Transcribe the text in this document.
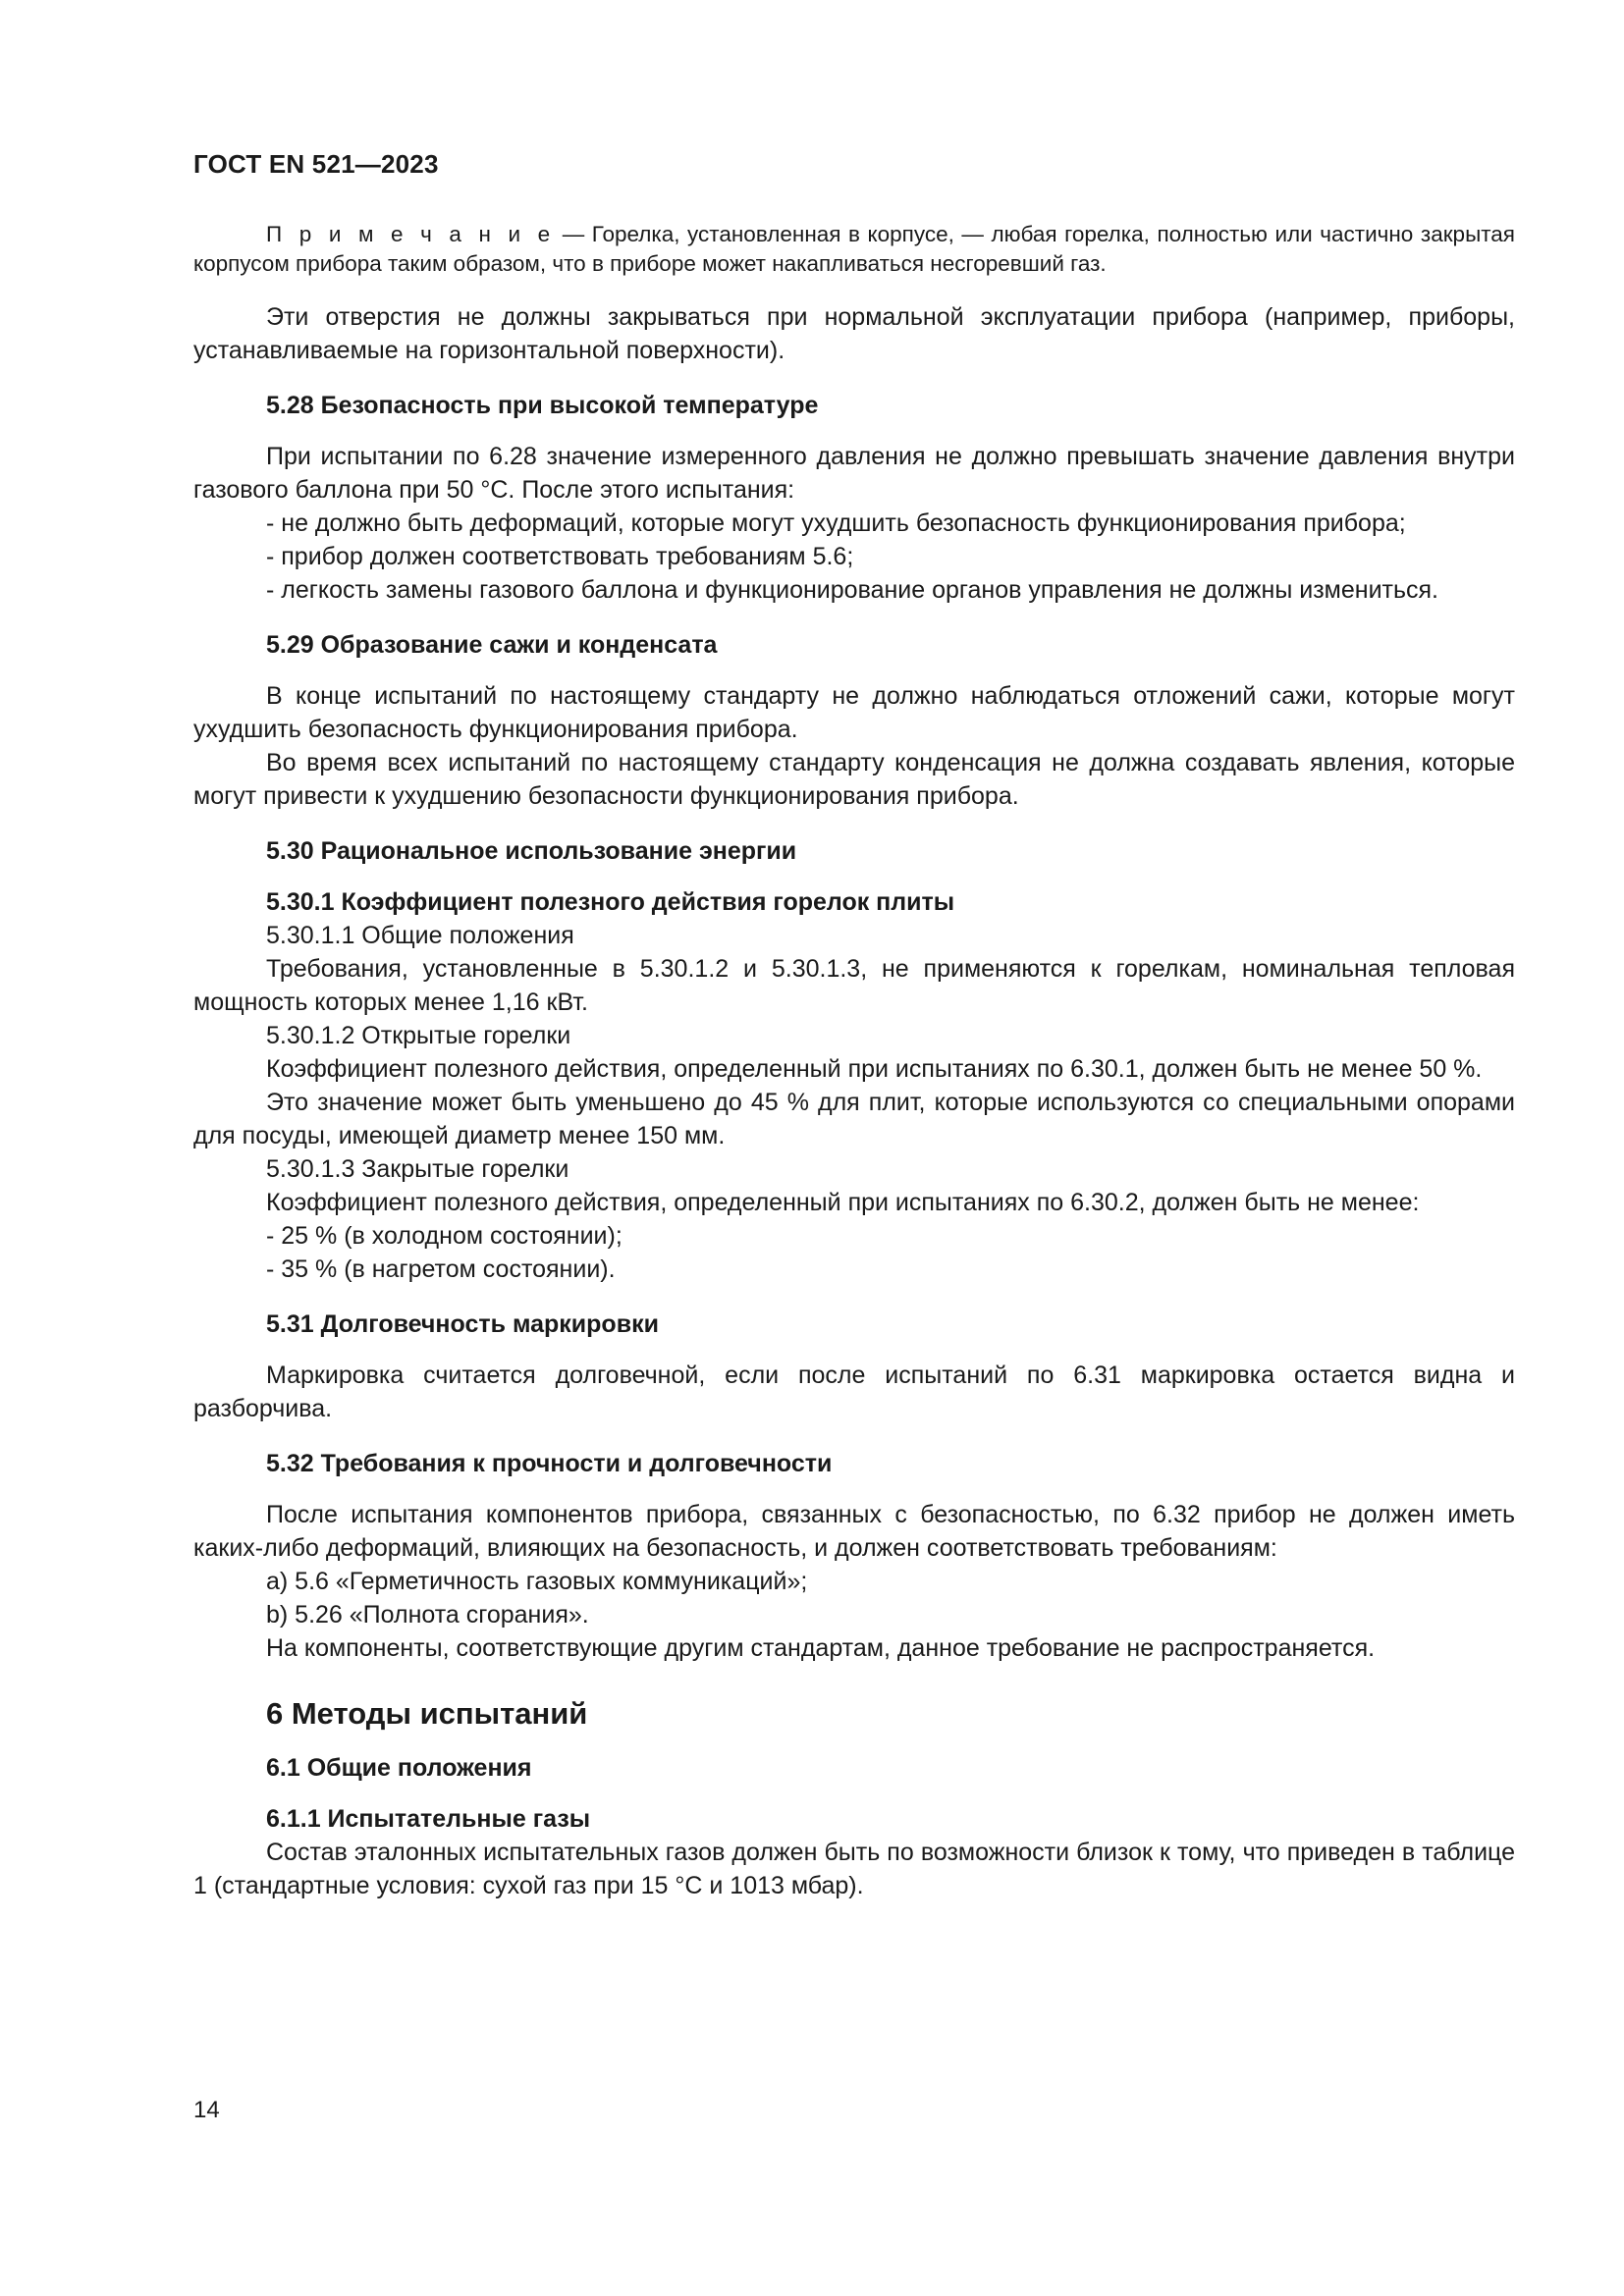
ГОСТ EN 521—2023

П р и м е ч а н и е — Горелка, установленная в корпусе, — любая горелка, полностью или частично закрытая корпусом прибора таким образом, что в приборе может накапливаться несгоревший газ.

Эти отверстия не должны закрываться при нормальной эксплуатации прибора (например, приборы, устанавливаемые на горизонтальной поверхности).

5.28 Безопасность при высокой температуре

При испытании по 6.28 значение измеренного давления не должно превышать значение давления внутри газового баллона при 50 °С. После этого испытания:

- не должно быть деформаций, которые могут ухудшить безопасность функционирования прибора;

- прибор должен соответствовать требованиям 5.6;

- легкость замены газового баллона и функционирование органов управления не должны измениться.

5.29 Образование сажи и конденсата

В конце испытаний по настоящему стандарту не должно наблюдаться отложений сажи, которые могут ухудшить безопасность функционирования прибора.

Во время всех испытаний по настоящему стандарту конденсация не должна создавать явления, которые могут привести к ухудшению безопасности функционирования прибора.

5.30 Рациональное использование энергии

5.30.1 Коэффициент полезного действия горелок плиты

5.30.1.1 Общие положения

Требования, установленные в 5.30.1.2 и 5.30.1.3, не применяются к горелкам, номинальная тепловая мощность которых менее 1,16 кВт.

5.30.1.2 Открытые горелки

Коэффициент полезного действия, определенный при испытаниях по 6.30.1, должен быть не менее 50 %.

Это значение может быть уменьшено до 45 % для плит, которые используются со специальными опорами для посуды, имеющей диаметр менее 150 мм.

5.30.1.3 Закрытые горелки

Коэффициент полезного действия, определенный при испытаниях по 6.30.2, должен быть не менее:

- 25 % (в холодном состоянии);

- 35 % (в нагретом состоянии).

5.31 Долговечность маркировки

Маркировка считается долговечной, если после испытаний по 6.31 маркировка остается видна и разборчива.

5.32 Требования к прочности и долговечности

После испытания компонентов прибора, связанных с безопасностью, по 6.32 прибор не должен иметь каких-либо деформаций, влияющих на безопасность, и должен соответствовать требованиям:

а) 5.6 «Герметичность газовых коммуникаций»;

b) 5.26 «Полнота сгорания».

На компоненты, соответствующие другим стандартам, данное требование не распространяется.

6 Методы испытаний

6.1 Общие положения

6.1.1 Испытательные газы

Состав эталонных испытательных газов должен быть по возможности близок к тому, что приведен в таблице 1 (стандартные условия: сухой газ при 15 °С и 1013 мбар).

14
